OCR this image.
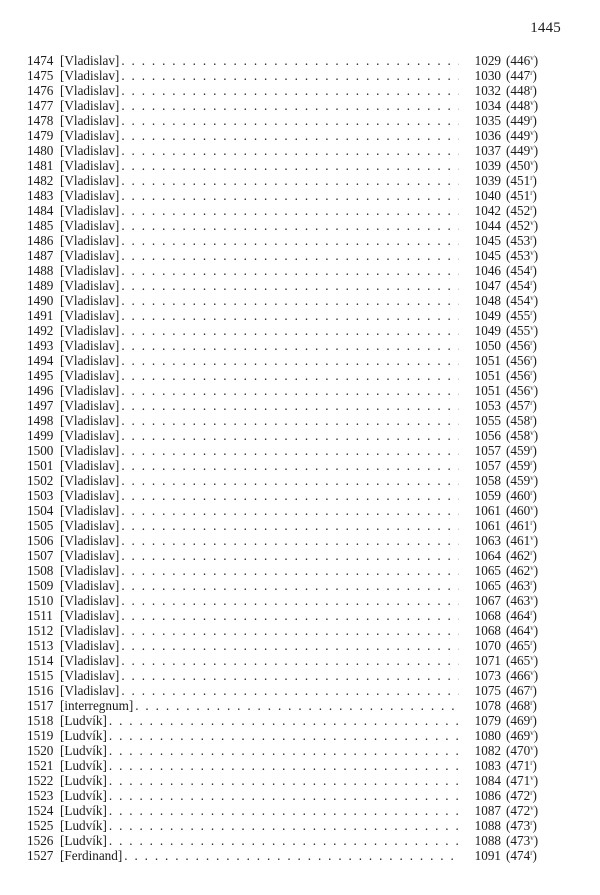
1445
1474 [Vladislav] . . .	1029 (446$^v$)
1475 [Vladislav] . . .	1030 (447$^r$)
1476 [Vladislav] . . .	1032 (448$^r$)
1477 [Vladislav] . . .	1034 (448$^v$)
1478 [Vladislav] . . .	1035 (449$^r$)
1479 [Vladislav] . . .	1036 (449$^v$)
1480 [Vladislav] . . .	1037 (449$^v$)
1481 [Vladislav] . . .	1039 (450$^v$)
1482 [Vladislav] . . .	1039 (451$^r$)
1483 [Vladislav] . . .	1040 (451$^r$)
1484 [Vladislav] . . .	1042 (452$^r$)
1485 [Vladislav] . . .	1044 (452$^v$)
1486 [Vladislav] . . .	1045 (453$^r$)
1487 [Vladislav] . . .	1045 (453$^v$)
1488 [Vladislav] . . .	1046 (454$^r$)
1489 [Vladislav] . . .	1047 (454$^r$)
1490 [Vladislav] . . .	1048 (454$^v$)
1491 [Vladislav] . . .	1049 (455$^r$)
1492 [Vladislav] . . .	1049 (455$^v$)
1493 [Vladislav] . . .	1050 (456$^r$)
1494 [Vladislav] . . .	1051 (456$^r$)
1495 [Vladislav] . . .	1051 (456$^r$)
1496 [Vladislav] . . .	1051 (456$^v$)
1497 [Vladislav] . . .	1053 (457$^r$)
1498 [Vladislav] . . .	1055 (458$^r$)
1499 [Vladislav] . . .	1056 (458$^v$)
1500 [Vladislav] . . .	1057 (459$^r$)
1501 [Vladislav] . . .	1057 (459$^r$)
1502 [Vladislav] . . .	1058 (459$^v$)
1503 [Vladislav] . . .	1059 (460$^r$)
1504 [Vladislav] . . .	1061 (460$^v$)
1505 [Vladislav] . . .	1061 (461$^r$)
1506 [Vladislav] . . .	1063 (461$^v$)
1507 [Vladislav] . . .	1064 (462$^r$)
1508 [Vladislav] . . .	1065 (462$^v$)
1509 [Vladislav] . . .	1065 (463$^r$)
1510 [Vladislav] . . .	1067 (463$^v$)
1511 [Vladislav] . . .	1068 (464$^r$)
1512 [Vladislav] . . .	1068 (464$^v$)
1513 [Vladislav] . . .	1070 (465$^r$)
1514 [Vladislav] . . .	1071 (465$^v$)
1515 [Vladislav] . . .	1073 (466$^v$)
1516 [Vladislav] . . .	1075 (467$^r$)
1517 [interregnum] . . .	1078 (468$^r$)
1518 [Ludvík] . . .	1079 (469$^r$)
1519 [Ludvík] . . .	1080 (469$^v$)
1520 [Ludvík] . . .	1082 (470$^v$)
1521 [Ludvík] . . .	1083 (471$^r$)
1522 [Ludvík] . . .	1084 (471$^v$)
1523 [Ludvík] . . .	1086 (472$^r$)
1524 [Ludvík] . . .	1087 (472$^v$)
1525 [Ludvík] . . .	1088 (473$^r$)
1526 [Ludvík] . . .	1088 (473$^v$)
1527 [Ferdinand] . . .	1091 (474$^r$)
